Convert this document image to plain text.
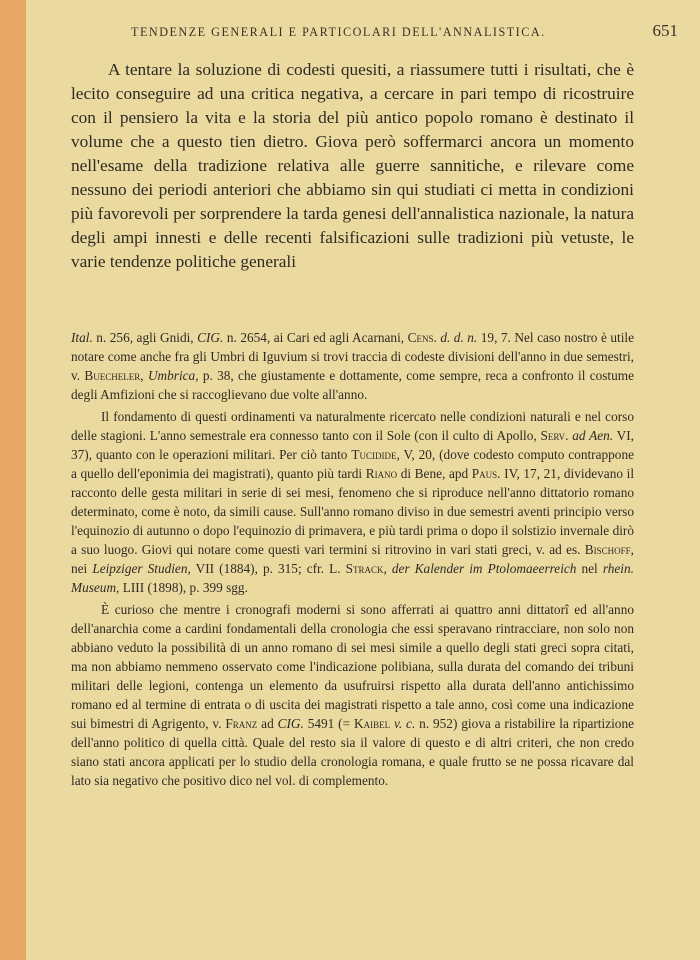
TENDENZE GENERALI E PARTICOLARI DELL'ANNALISTICA.	651

A tentare la soluzione di codesti quesiti, a riassumere tutti i risultati, che è lecito conseguire ad una critica negativa, a cercare in pari tempo di ricostruire con il pensiero la vita e la storia del più antico popolo romano è destinato il volume che a questo tien dietro. Giova però soffermarci ancora un momento nell'esame della tradizione relativa alle guerre sannitiche, e rilevare come nessuno dei periodi anteriori che abbiamo sin qui studiati ci metta in condizioni più favorevoli per sorprendere la tarda genesi dell'annalistica nazionale, la natura degli ampi innesti e delle recenti falsificazioni sulle tradizioni più vetuste, le varie tendenze politiche generali

Ital. n. 256, agli Gnidi, CIG. n. 2654, ai Cari ed agli Acarnani, Cens. d. d. n. 19, 7. Nel caso nostro è utile notare come anche fra gli Umbri di Iguvium si trovi traccia di codeste divisioni dell'anno in due semestri, v. Buecheler, Umbrica, p. 38, che giustamente e dottamente, come sempre, reca a confronto il costume degli Amfizioni che si raccoglievano due volte all'anno.

Il fondamento di questi ordinamenti va naturalmente ricercato nelle condizioni naturali e nel corso delle stagioni. L'anno semestrale era connesso tanto con il Sole (con il culto di Apollo, Serv. ad Aen. VI, 37), quanto con le operazioni militari. Per ciò tanto Tucidide, V, 20, (dove codesto computo contrappone a quello dell'eponimia dei magistrati), quanto più tardi Riano di Bene, apd Paus. IV, 17, 21, dividevano il racconto delle gesta militari in serie di sei mesi, fenomeno che si riproduce nell'anno dittatorio romano determinato, come è noto, da simili cause. Sull'anno romano diviso in due semestri aventi principio verso l'equinozio di autunno o dopo l'equinozio di primavera, e più tardi prima o dopo il solstizio invernale dirò a suo luogo. Giovi qui notare come questi vari termini si ritrovino in vari stati greci, v. ad es. Bischoff, nei Leipziger Studien, VII (1884), p. 315; cfr. L. Strack, der Kalender im Ptolomaeerreich nel rhein. Museum, LIII (1898), p. 399 sgg.

È curioso che mentre i cronografi moderni si sono afferrati ai quattro anni dittatorî ed all'anno dell'anarchia come a cardini fondamentali della cronologia che essi speravano rintracciare, non solo non abbiano veduto la possibilità di un anno romano di sei mesi simile a quello degli stati greci sopra citati, ma non abbiamo nemmeno osservato come l'indicazione polibiana, sulla durata del comando dei tribuni militari delle legioni, contenga un elemento da usufruirsi rispetto alla durata dell'anno antichissimo romano ed al termine di entrata o di uscita dei magistrati rispetto a tale anno, così come una indicazione sui bimestri di Agrigento, v. Franz ad CIG. 5491 (= Kaibel v. c. n. 952) giova a ristabilire la ripartizione dell'anno politico di quella città. Quale del resto sia il valore di questo e di altri criteri, che non credo siano stati ancora applicati per lo studio della cronologia romana, e quale frutto se ne possa ricavare dal lato sia negativo che positivo dico nel vol. di complemento.
